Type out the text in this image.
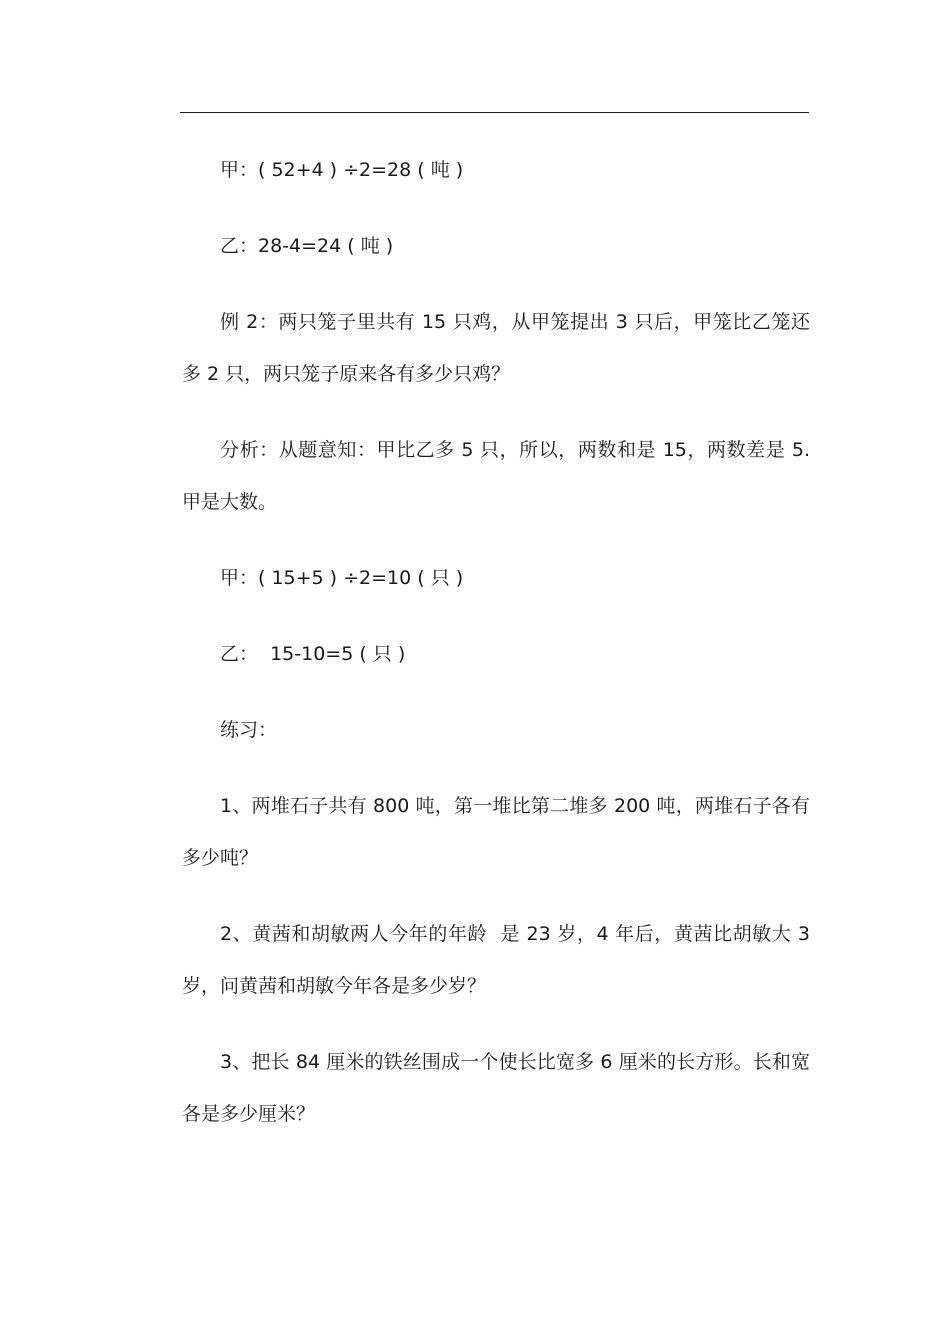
甲：( 52+4 ) ÷2=28 ( 吨 )

乙：28-4=24 ( 吨 )

例 2：两只笼子里共有 15 只鸡，从甲笼提出 3 只后，甲笼比乙笼还多 2 只，两只笼子原来各有多少只鸡？

分析：从题意知：甲比乙多 5 只，所以，两数和是 15，两数差是 5.甲是大数。

甲：( 15+5 ) ÷2=10 ( 只 )

乙：  15-10=5 ( 只 )

练习：

1、两堆石子共有 800 吨，第一堆比第二堆多 200 吨，两堆石子各有多少吨？

2、黄茜和胡敏两人今年的年龄  是 23 岁，4 年后，黄茜比胡敏大 3 岁，问黄茜和胡敏今年各是多少岁？

3、把长 84 厘米的铁丝围成一个使长比宽多 6 厘米的长方形。长和宽各是多少厘米？
